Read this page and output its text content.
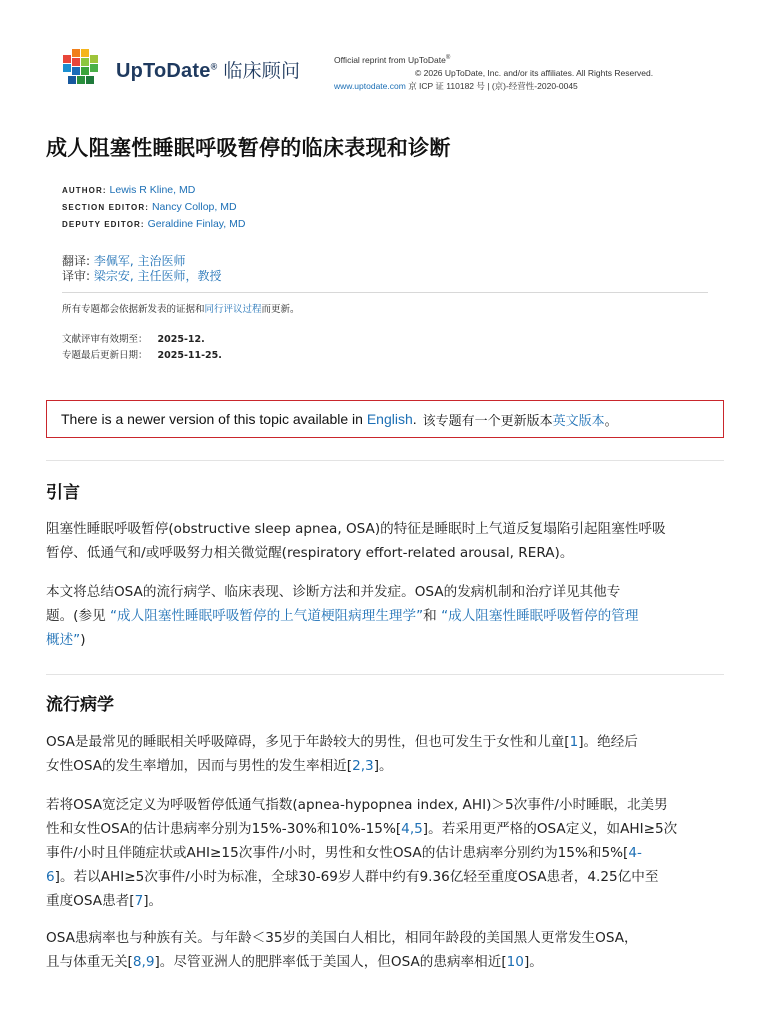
UpToDate® 临床顾问
Official reprint from UpToDate®
© 2026 UpToDate, Inc. and/or its affiliates. All Rights Reserved.
www.uptodate.com 京 ICP 证 110182 号 | (京)-经营性-2020-0045
成人阻塞性睡眠呼吸暂停的临床表现和诊断
AUTHOR: Lewis R Kline, MD
SECTION EDITOR: Nancy Collop, MD
DEPUTY EDITOR: Geraldine Finlay, MD
翻译: 李佩军, 主治医师
译审: 梁宗安, 主任医师，教授
所有专题都会依据新发表的证据和同行评议过程而更新。
文献评审有效期至： 2025-12.
专题最后更新日期： 2025-11-25.
There is a newer version of this topic available in English . 该专题有一个更新版本英文版本。
引言
阻塞性睡眠呼吸暂停(obstructive sleep apnea, OSA)的特征是睡眠时上气道反复塌陷引起阻塞性呼吸
暂停、低通气和/或呼吸努力相关微觉醒(respiratory effort-related arousal, RERA)。
本文将总结OSA的流行病学、临床表现、诊断方法和并发症。OSA的发病机制和治疗详见其他专
题。(参见 “成人阻塞性睡眠呼吸暂停的上气道梗阻病理生理学”和 “成人阻塞性睡眠呼吸暂停的管理
概述”)
流行病学
OSA是最常见的睡眠相关呼吸障碍，多见于年龄较大的男性，但也可发生于女性和儿童[1]。绝经后
女性OSA的发生率增加，因而与男性的发生率相近[2,3]。
若将OSA宽泛定义为呼吸暂停低通气指数(apnea-hypopnea index, AHI)＞5次事件/小时睡眠，北美男
性和女性OSA的估计患病率分别为15%-30%和10%-15%[4,5]。若采用更严格的OSA定义，如AHI≥5次
事件/小时且伴随症状或AHI≥15次事件/小时，男性和女性OSA的估计患病率分别约为15%和5%[4-
6]。若以AHI≥5次事件/小时为标准，全球30-69岁人群中约有9.36亿轻至重度OSA患者，4.25亿中至
重度OSA患者[7]。
OSA患病率也与种族有关。与年龄＜35岁的美国白人相比，相同年龄段的美国黑人更常发生OSA，
且与体重无关[8,9]。尽管亚洲人的肥胖率低于美国人，但OSA的患病率相近[10]。
